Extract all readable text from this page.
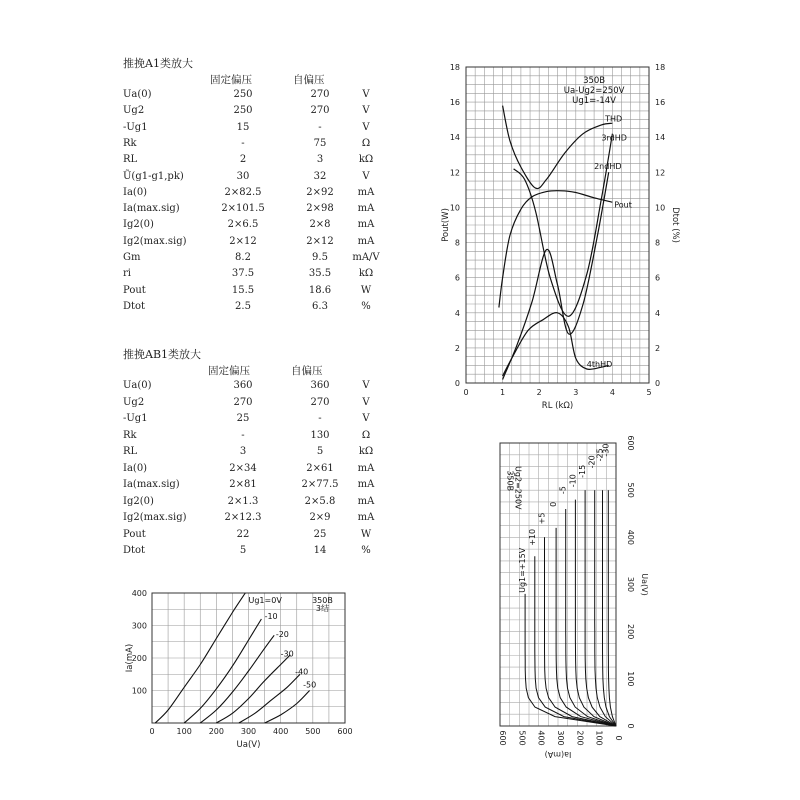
推挽A1类放大
固定偏压	自偏压
Ua(0)	250	270	V
Ug2	250	270	V
-Ug1	15	-	V
Rk	-	75	Ω
RL	2	3	kΩ
Ũ(g1-g1,pk)	30	32	V
Ia(0)	2×82.5	2×92	mA
Ia(max.sig)	2×101.5	2×98	mA
Ig2(0)	2×6.5	2×8	mA
Ig2(max.sig)	2×12	2×12	mA
Gm	8.2	9.5	mA/V
ri	37.5	35.5	kΩ
Pout	15.5	18.6	W
Dtot	2.5	6.3	%
推挽AB1类放大
固定偏压	自偏压
Ua(0)	360	360	V
Ug2	270	270	V
-Ug1	25	-	V
Rk	-	130	Ω
RL	3	5	kΩ
Ia(0)	2×34	2×61	mA
Ia(max.sig)	2×81	2×77.5	mA
Ig2(0)	2×1.3	2×5.8	mA
Ig2(max.sig)	2×12.3	2×9	mA
Pout	22	25	W
Dtot	5	14	%
0	0
2	2
4	4
6	6
8	8
10	10
12	12
14	14
16	16
18	18
0	1	2	3	4	5
RL (kΩ)
Pout(W)	Dtot (%)
350B
Ua-Ug2=250V
Ug1=-14V
THD
3rdHD
2ndHD
Pout
4thHD
100
200
300
400
0	100 200 300 400 500 600
Ua(V)
Ia(mA)
350B
3结
Ug1=0V
-10
-20
-30
-40
-50
600 500 400 300 200 100 0
0
100
200
300
400
500
600
Ia(mA)
Ua(V)
350B
Ug2=250V
Ug1=+15V
+10
+5
0
-5
-10
-15
-20
-25
-30
